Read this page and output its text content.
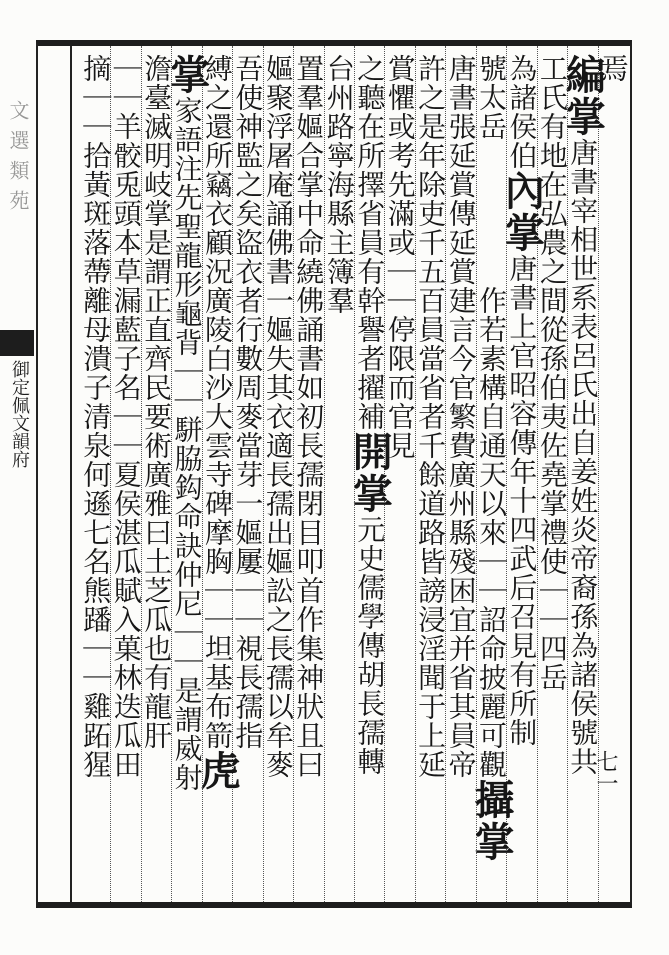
文選類苑
御定佩文韻府
焉
編掌唐書宰相世系表呂氏出自姜姓炎帝裔孫為諸侯號共
工氏有地在弘農之間從孫伯夷佐堯掌禮使｜｜四岳
為諸侯伯內掌唐書上官昭容傳年十四武后召見有所制
號太岳　　　　　作若素構自通天以來｜｜詔命披麗可觀攝掌
唐書張延賞傳延賞建言今官繁費廣州縣殘困宜并省其員帝
許之是年除吏千五百員當省者千餘道路皆謗浸淫聞于上延
賞懼或考先滿或｜｜停限而官見
之聽在所擇省員有幹譽者擢補開掌元史儒學傳胡長孺轉
台州路寧海縣主簿羣
置羣嫗合掌中命繞佛誦書如初長孺閉目叩首作集神狀且曰
嫗聚浮屠庵誦佛書一嫗失其衣適長孺出嫗訟之長孺以牟麥
吾使神監之矣盜衣者行數周麥當芽一嫗屢｜｜視長孺指
縛之還所竊衣顧況廣陵白沙大雲寺碑摩胸｜｜坦基布箭虎
掌家語注先聖龍形龜背｜｜駢脇鈎命訣仲尼｜｜是謂威射
澹臺滅明岐掌是謂正直齊民要術廣雅曰土芝瓜也有龍肝
｜｜羊骹兎頭本草漏藍子名｜｜夏侯湛瓜賦入菓林迭瓜田
摘｜｜拾黃斑落蔕離母潰子清泉何遜七名熊蹯｜｜雞跖猩	七一
